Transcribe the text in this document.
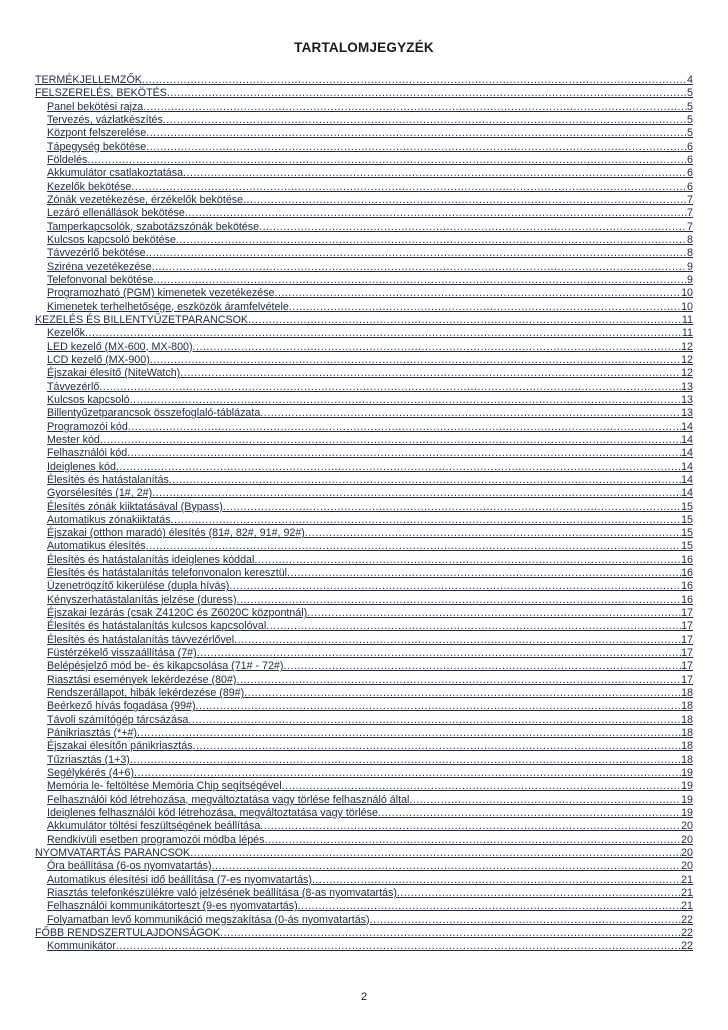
TARTALOMJEGYZÉK
TERMÉKJELLEMZŐK .....	4
FELSZERELÉS, BEKÖTÉS .....	5
Panel bekötési rajza .....	5
Tervezés, vázlatkészítés .....	5
Központ felszerelése .....	5
Tápegység bekötése .....	6
Földelés .....	6
Akkumulátor csatlakoztatása .....	6
Kezelők bekötése .....	6
Zónák vezetékezése, érzékelők bekötése .....	7
Lezáró ellenállások bekötése .....	7
Tamperkapcsolók, szabotázszónák bekötése .....	7
Kulcsos kapcsoló bekötése .....	8
Távvezérlő bekötése .....	8
Sziréna vezetékezése .....	9
Telefonvonal bekötése .....	9
Programozható (PGM) kimenetek vezetékezése .....	10
Kimenetek terhelhetősége, eszközök áramfelvétele .....	10
KEZELÉS ÉS BILLENTYŰZETPARANCSOK .....	11
Kezelők .....	11
LED kezelő (MX-600, MX-800) .....	12
LCD kezelő (MX-900) .....	12
Éjszakai élesítő (NiteWatch) .....	12
Távvezérlő .....	13
Kulcsos kapcsoló .....	13
Billentyűzetparancsok összefoglaló-táblázata .....	13
Programozói kód .....	14
Mester kód .....	14
Felhasználói kód .....	14
Ideiglenes kód .....	14
Élesítés és hatástalanítás .....	14
Gyorsélesítés (1#, 2#) .....	14
Élesítés zónák kiiktatásával (Bypass) .....	15
Automatikus zónakiiktatás .....	15
Éjszakai (otthon maradó) élesítés (81#, 82#, 91#, 92#) .....	15
Automatikus élesítés .....	15
Élesítés és hatástalanítás ideiglenes kóddal .....	16
Élesítés és hatástalanítás telefonvonalon keresztül .....	16
Üzenetrögzítő kikerülése (dupla hívás) .....	16
Kényszerhatástalanítás jelzése (duress) .....	16
Éjszakai lezárás (csak Z4120C és Z6020C központnál) .....	17
Élesítés és hatástalanítás kulcsos kapcsolóval .....	17
Élesítés és hatástalanítás távvezérlővel .....	17
Füstérzékelő visszaállítása (7#) .....	17
Belépésjelző mód be- és kikapcsolása (71# - 72#) .....	17
Riasztási események lekérdezése (80#) .....	17
Rendszerállapot, hibák lekérdezése (89#) .....	18
Beérkező hívás fogadása (99#) .....	18
Távoli számítógép tárcsázása .....	18
Pánikriasztás (*+#) .....	18
Éjszakai élesítőn pánikriasztás .....	18
Tűzriasztás (1+3) .....	18
Segélykérés (4+6) .....	19
Memória le- feltöltése Memória Chip segítségével .....	19
Felhasználói kód létrehozása, megváltoztatása vagy törlése felhasználó által .....	19
Ideiglenes felhasználói kód létrehozása, megváltoztatása vagy törlése .....	19
Akkumulátor töltési feszültségének beállítása .....	20
Rendkívüli esetben programozói módba lépés .....	20
NYOMVATARTÁS PARANCSOK .....	20
Óra beállítása (6-os nyomvatartás) .....	20
Automatikus élesítési idő beállítása (7-es nyomvatartás) .....	21
Riasztás telefonkészülékre való jelzésének beállítása (8-as nyomvatartás) .....	21
Felhasználói kommunikátorteszt (9-es nyomvatartás) .....	21
Folyamatban levő kommunikáció megszakítása (0-ás nyomvatartás) .....	22
FŐBB RENDSZERTULAJDONSÁGOK .....	22
Kommunikátor .....	22
2
